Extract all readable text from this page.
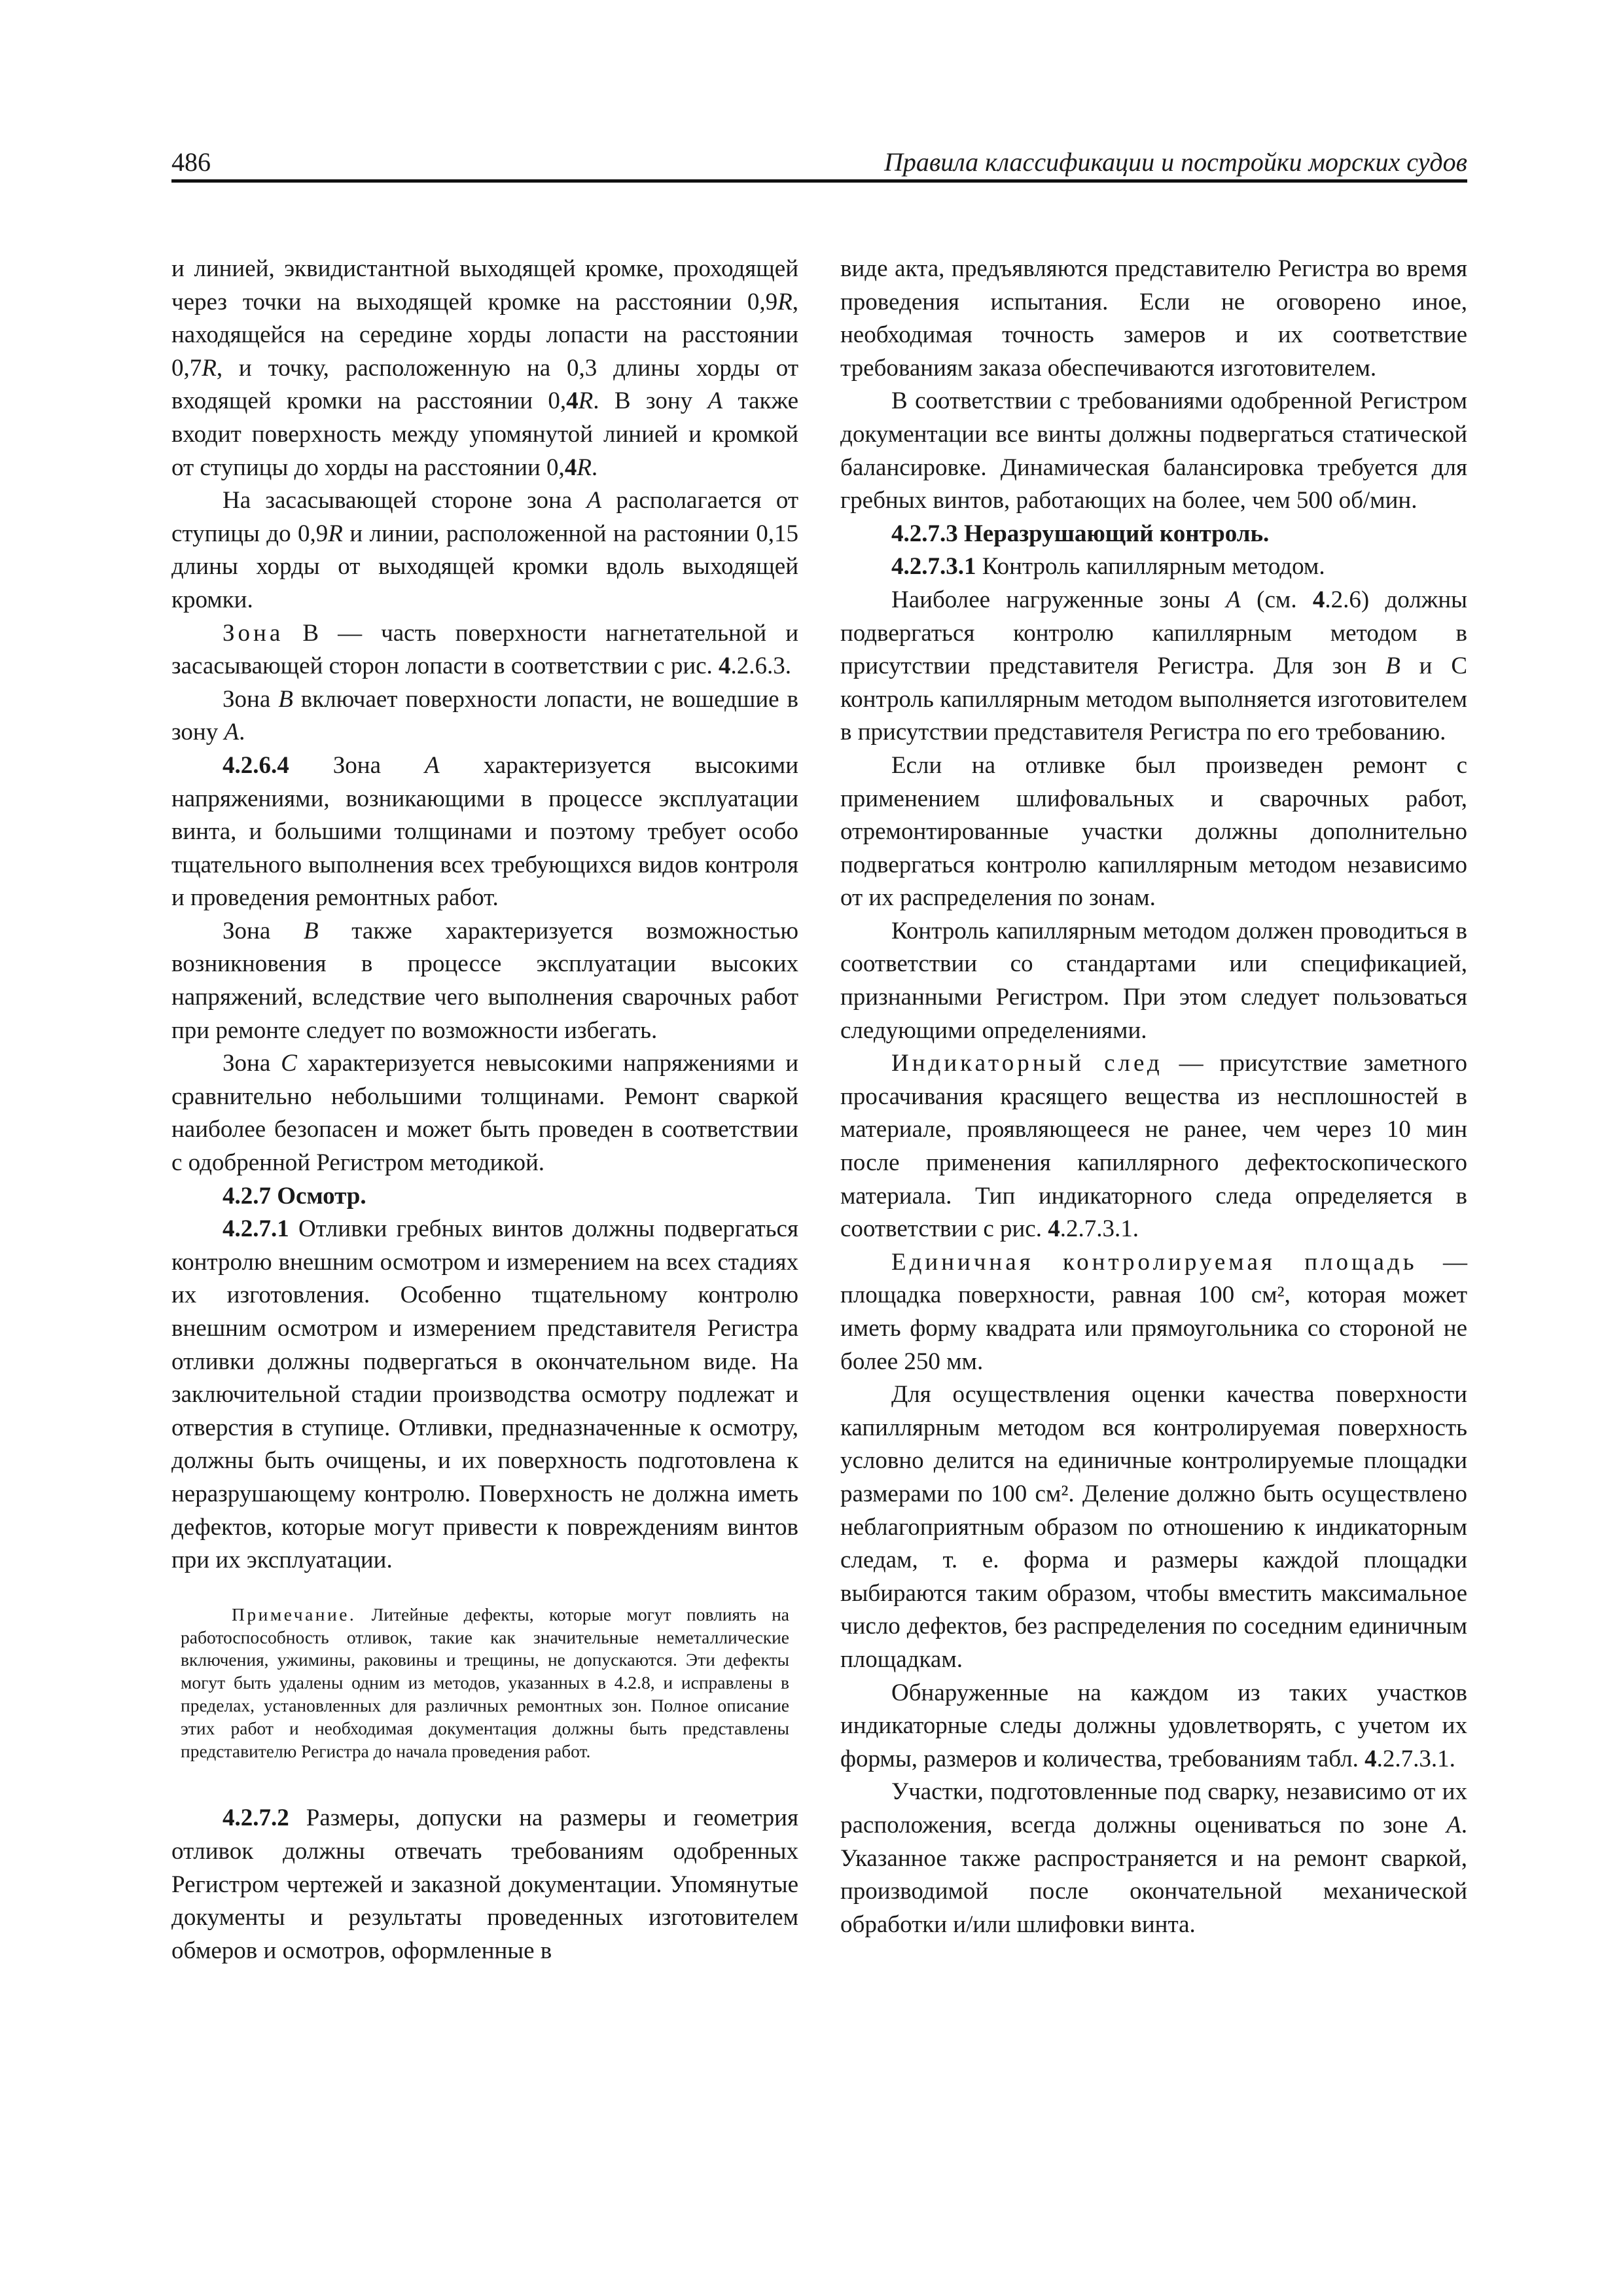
486	Правила классификации и постройки морских судов

и линией, эквидистантной выходящей кромке, проходящей через точки на выходящей кромке на расстоянии 0,9R, находящейся на середине хорды лопасти на расстоянии 0,7R, и точку, расположенную на 0,3 длины хорды от входящей кромки на расстоянии 0,4R. В зону A также входит поверхность между упомянутой линией и кромкой от ступицы до хорды на расстоянии 0,4R.

На засасывающей стороне зона A располагается от ступицы до 0,9R и линии, расположенной на растоянии 0,15 длины хорды от выходящей кромки вдоль выходящей кромки.

Зона B — часть поверхности нагнетательной и засасывающей сторон лопасти в соответствии с рис. 4.2.6.3.

Зона B включает поверхности лопасти, не вошедшие в зону A.

4.2.6.4 Зона A характеризуется высокими напряжениями, возникающими в процессе эксплуатации винта, и большими толщинами и поэтому требует особо тщательного выполнения всех требующихся видов контроля и проведения ремонтных работ.

Зона B также характеризуется возможностью возникновения в процессе эксплуатации высоких напряжений, вследствие чего выполнения сварочных работ при ремонте следует по возможности избегать.

Зона C характеризуется невысокими напряжениями и сравнительно небольшими толщинами. Ремонт сваркой наиболее безопасен и может быть проведен в соответствии с одобренной Регистром методикой.

4.2.7 Осмотр.

4.2.7.1 Отливки гребных винтов должны подвергаться контролю внешним осмотром и измерением на всех стадиях их изготовления. Особенно тщательному контролю внешним осмотром и измерением представителя Регистра отливки должны подвергаться в окончательном виде. На заключительной стадии производства осмотру подлежат и отверстия в ступице. Отливки, предназначенные к осмотру, должны быть очищены, и их поверхность подготовлена к неразрушающему контролю. Поверхность не должна иметь дефектов, которые могут привести к повреждениям винтов при их эксплуатации.

Примечание. Литейные дефекты, которые могут повлиять на работоспособность отливок, такие как значительные неметаллические включения, ужимины, раковины и трещины, не допускаются. Эти дефекты могут быть удалены одним из методов, указанных в 4.2.8, и исправлены в пределах, установленных для различных ремонтных зон. Полное описание этих работ и необходимая документация должны быть представлены представителю Регистра до начала проведения работ.

4.2.7.2 Размеры, допуски на размеры и геометрия отливок должны отвечать требованиям одобренных Регистром чертежей и заказной документации. Упомянутые документы и результаты проведенных изготовителем обмеров и осмотров, оформленные в

виде акта, предъявляются представителю Регистра во время проведения испытания. Если не оговорено иное, необходимая точность замеров и их соответствие требованиям заказа обеспечиваются изготовителем.

В соответствии с требованиями одобренной Регистром документации все винты должны подвергаться статической балансировке. Динамическая балансировка требуется для гребных винтов, работающих на более, чем 500 об/мин.

4.2.7.3 Неразрушающий контроль.

4.2.7.3.1 Контроль капиллярным методом.

Наиболее нагруженные зоны A (см. 4.2.6) должны подвергаться контролю капиллярным методом в присутствии представителя Регистра. Для зон B и C контроль капиллярным методом выполняется изготовителем в присутствии представителя Регистра по его требованию.

Если на отливке был произведен ремонт с применением шлифовальных и сварочных работ, отремонтированные участки должны дополнительно подвергаться контролю капиллярным методом независимо от их распределения по зонам.

Контроль капиллярным методом должен проводиться в соответствии со стандартами или спецификацией, признанными Регистром. При этом следует пользоваться следующими определениями.

Индикаторный след — присутствие заметного просачивания красящего вещества из несплошностей в материале, проявляющееся не ранее, чем через 10 мин после применения капиллярного дефектоскопического материала. Тип индикаторного следа определяется в соответствии с рис. 4.2.7.3.1.

Единичная контролируемая площадь — площадка поверхности, равная 100 см², которая может иметь форму квадрата или прямоугольника со стороной не более 250 мм.

Для осуществления оценки качества поверхности капиллярным методом вся контролируемая поверхность условно делится на единичные контролируемые площадки размерами по 100 см². Деление должно быть осуществлено неблагоприятным образом по отношению к индикаторным следам, т. е. форма и размеры каждой площадки выбираются таким образом, чтобы вместить максимальное число дефектов, без распределения по соседним единичным площадкам.

Обнаруженные на каждом из таких участков индикаторные следы должны удовлетворять, с учетом их формы, размеров и количества, требованиям табл. 4.2.7.3.1.

Участки, подготовленные под сварку, независимо от их расположения, всегда должны оцениваться по зоне A. Указанное также распространяется и на ремонт сваркой, производимой после окончательной механической обработки и/или шлифовки винта.
